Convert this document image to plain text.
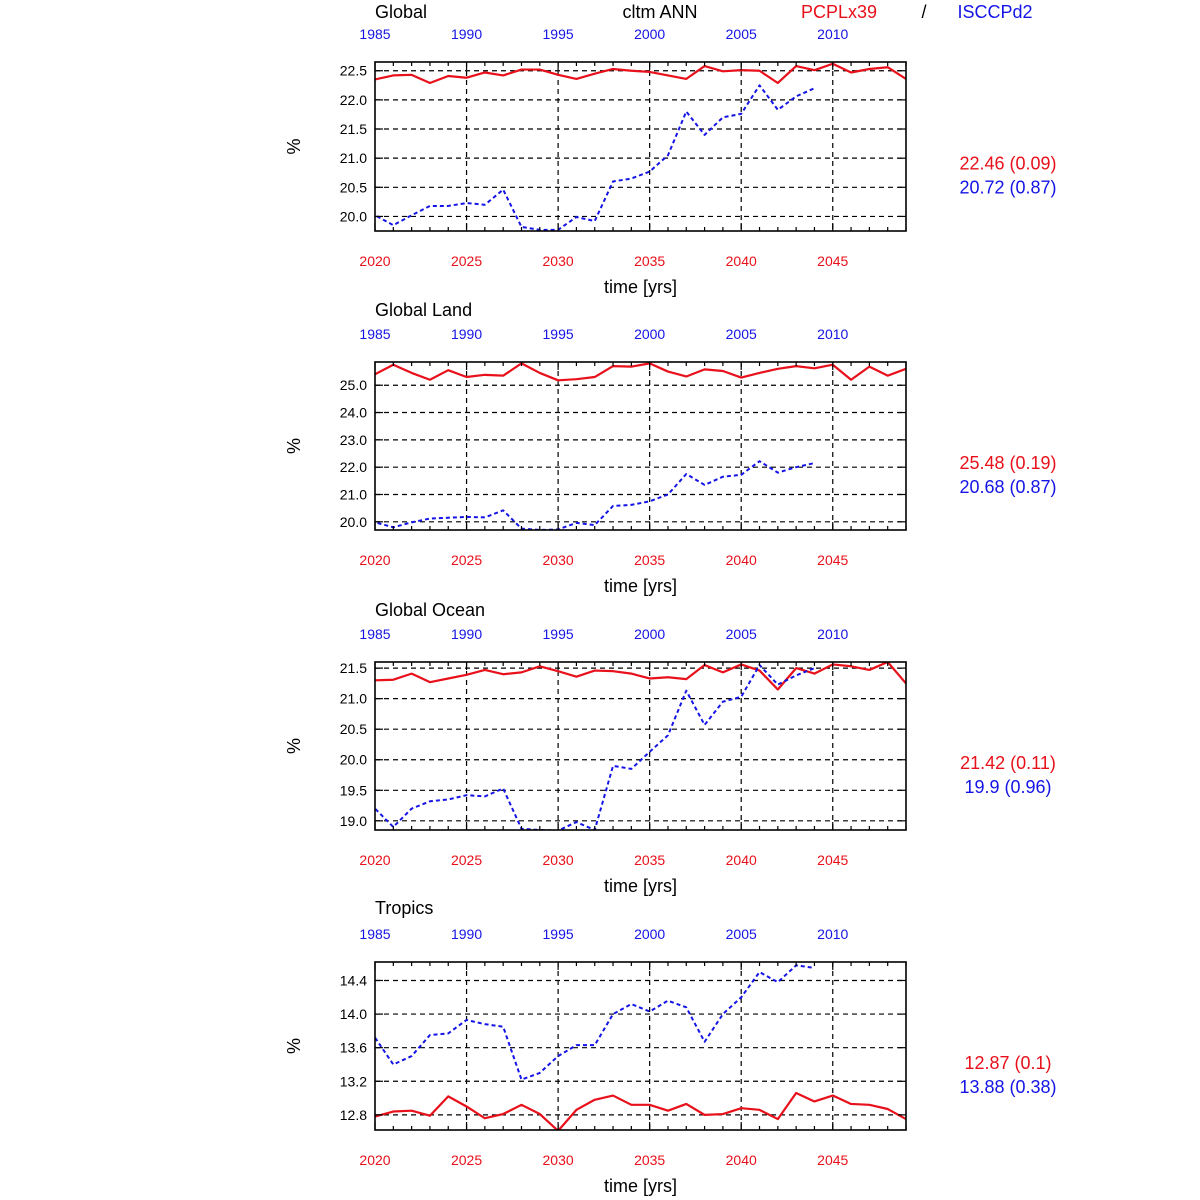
cltm ANN	PCPLx39 / ISCCPd2
20.0
20.5
21.0
21.5
22.0
22.5
2020	2025	2030	2035	2040	2045
1985	1990	1995	2000	2005	2010
Global
time [yrs]
%
22.46 (0.09)
20.72 (0.87)
20.0
21.0
22.0
23.0
24.0
25.0
2020	2025	2030	2035	2040	2045
1985	1990	1995	2000	2005	2010
Global Land
time [yrs]
%
25.48 (0.19)
20.68 (0.87)
19.0
19.5
20.0
20.5
21.0
21.5
2020	2025	2030	2035	2040	2045
1985	1990	1995	2000	2005	2010
Global Ocean
time [yrs]
%
21.42 (0.11)
19.9 (0.96)
12.8
13.2
13.6
14.0
14.4
2020	2025	2030	2035	2040	2045
1985	1990	1995	2000	2005	2010
Tropics
time [yrs]
%
12.87 (0.1)
13.88 (0.38)
